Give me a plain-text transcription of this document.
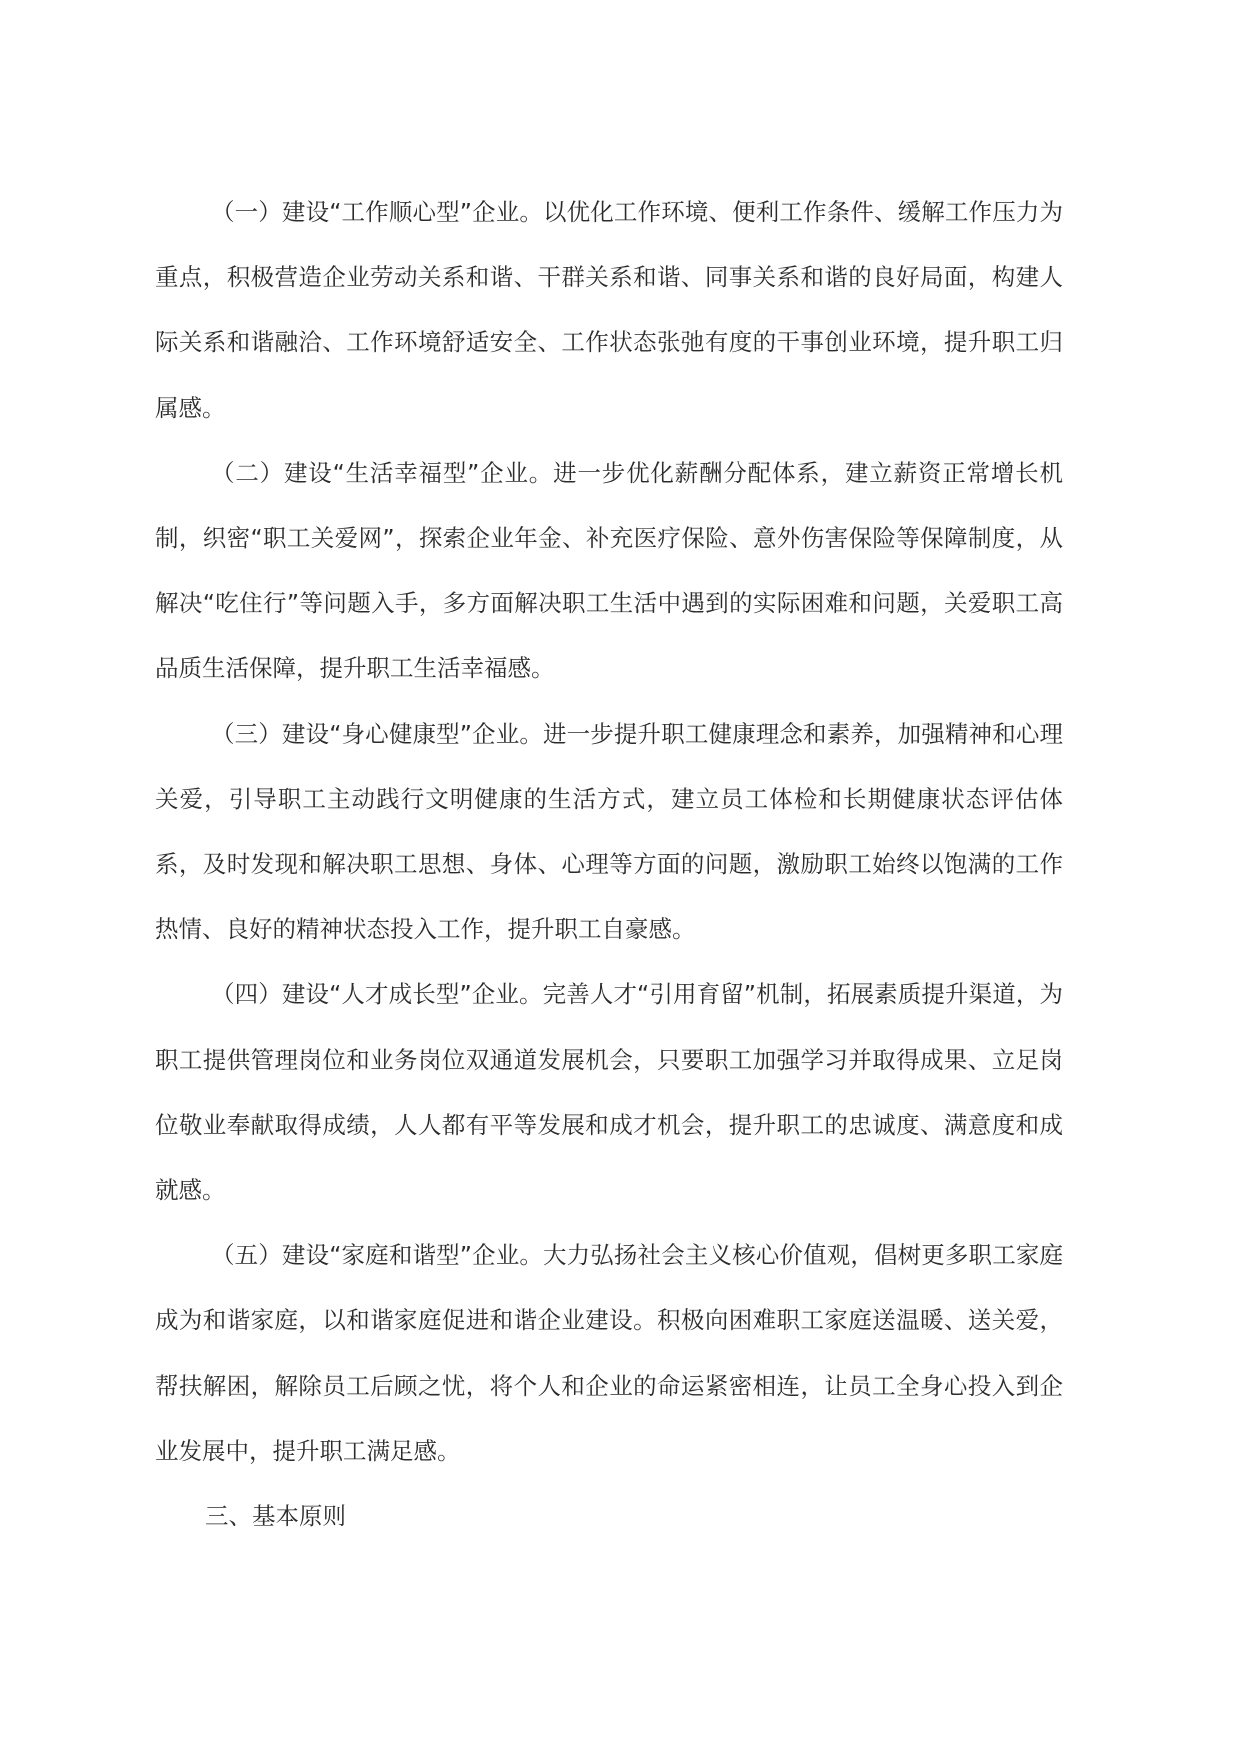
（一）建设“工作顺心型”企业。以优化工作环境、便利工作条件、缓解工作压力为重点，积极营造企业劳动关系和谐、干群关系和谐、同事关系和谐的良好局面，构建人际关系和谐融洽、工作环境舒适安全、工作状态张弛有度的干事创业环境，提升职工归属感。

（二）建设“生活幸福型”企业。进一步优化薪酬分配体系，建立薪资正常增长机制，织密“职工关爱网”，探索企业年金、补充医疗保险、意外伤害保险等保障制度，从解决“吃住行”等问题入手，多方面解决职工生活中遇到的实际困难和问题，关爱职工高品质生活保障，提升职工生活幸福感。

（三）建设“身心健康型”企业。进一步提升职工健康理念和素养，加强精神和心理关爱，引导职工主动践行文明健康的生活方式，建立员工体检和长期健康状态评估体系，及时发现和解决职工思想、身体、心理等方面的问题，激励职工始终以饱满的工作热情、良好的精神状态投入工作，提升职工自豪感。

（四）建设“人才成长型”企业。完善人才“引用育留”机制，拓展素质提升渠道，为职工提供管理岗位和业务岗位双通道发展机会，只要职工加强学习并取得成果、立足岗位敬业奉献取得成绩，人人都有平等发展和成才机会，提升职工的忠诚度、满意度和成就感。

（五）建设“家庭和谐型”企业。大力弘扬社会主义核心价值观，倡树更多职工家庭成为和谐家庭，以和谐家庭促进和谐企业建设。积极向困难职工家庭送温暖、送关爱，帮扶解困，解除员工后顾之忧，将个人和企业的命运紧密相连，让员工全身心投入到企业发展中，提升职工满足感。

三、基本原则
